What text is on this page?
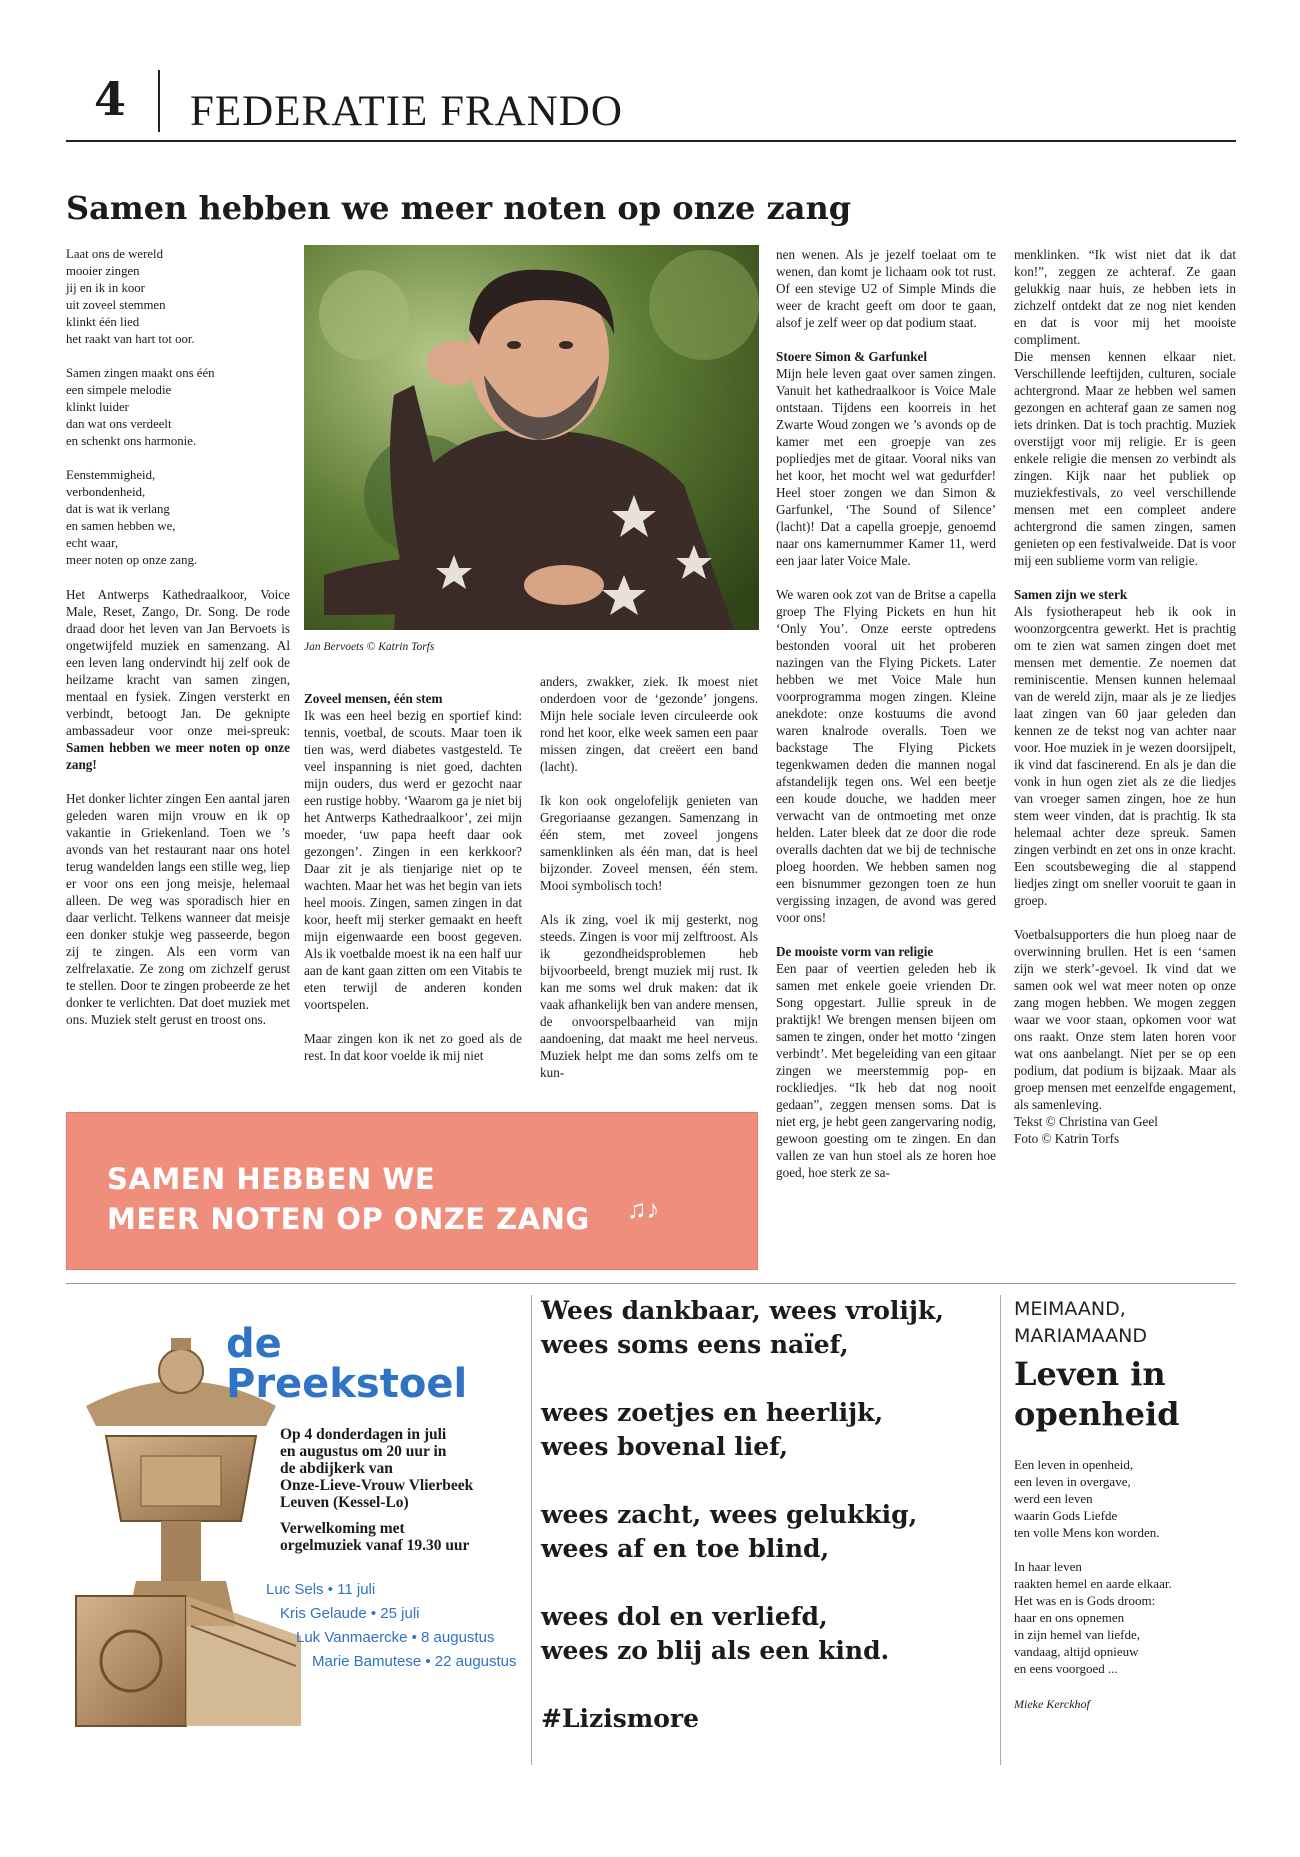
4 FEDERATIE FRANDO
Samen hebben we meer noten op onze zang

Laat ons de wereld
mooier zingen
jij en ik in koor
uit zoveel stemmen
klinkt één lied
het raakt van hart tot oor.

Samen zingen maakt ons één
een simpele melodie
klinkt luider
dan wat ons verdeelt
en schenkt ons harmonie.

Eenstemmigheid,
verbondenheid,
dat is wat ik verlang
en samen hebben we,
echt waar,
meer noten op onze zang.

Het Antwerps Kathedraalkoor, Voice Male, Reset, Zango, Dr. Song. De rode draad door het leven van Jan Bervoets is ongetwijfeld muziek en samenzang. Al een leven lang ondervindt hij zelf ook de heilzame kracht van samen zingen, mentaal en fysiek. Zingen versterkt en verbindt, betoogt Jan. De geknipte ambassadeur voor onze mei-spreuk: Samen hebben we meer noten op onze zang!

Het donker lichter zingen Een aantal jaren geleden waren mijn vrouw en ik op vakantie in Griekenland. Toen we ’s avonds van het restaurant naar ons hotel terug wandelden langs een stille weg, liep er voor ons een jong meisje, helemaal alleen. De weg was sporadisch hier en daar verlicht. Telkens wanneer dat meisje een donker stukje weg passeerde, begon zij te zingen. Als een vorm van zelfrelaxatie. Ze zong om zichzelf gerust te stellen. Door te zingen probeerde ze het donker te verlichten. Dat doet muziek met ons. Muziek stelt gerust en troost ons.

Jan Bervoets © Katrin Torfs

Zoveel mensen, één stem
Ik was een heel bezig en sportief kind: tennis, voetbal, de scouts. Maar toen ik tien was, werd diabetes vastgesteld. Te veel inspanning is niet goed, dachten mijn ouders, dus werd er gezocht naar een rustige hobby. ‘Waarom ga je niet bij het Antwerps Kathedraalkoor’, zei mijn moeder, ‘uw papa heeft daar ook gezongen’. Zingen in een kerkkoor? Daar zit je als tienjarige niet op te wachten. Maar het was het begin van iets heel moois. Zingen, samen zingen in dat koor, heeft mij sterker gemaakt en heeft mijn eigenwaarde een boost gegeven. Als ik voetbalde moest ik na een half uur aan de kant gaan zitten om een Vitabis te eten terwijl de anderen konden voortspelen.

Maar zingen kon ik net zo goed als de rest. In dat koor voelde ik mij niet

anders, zwakker, ziek. Ik moest niet onderdoen voor de ‘gezonde’ jongens. Mijn hele sociale leven circuleerde ook rond het koor, elke week samen een paar missen zingen, dat creëert een band (lacht).

Ik kon ook ongelofelijk genieten van Gregoriaanse gezangen. Samenzang in één stem, met zoveel jongens samenklinken als één man, dat is heel bijzonder. Zoveel mensen, één stem. Mooi symbolisch toch!

Als ik zing, voel ik mij gesterkt, nog steeds. Zingen is voor mij zelftroost. Als ik gezondheidsproblemen heb bijvoorbeeld, brengt muziek mij rust. Ik kan me soms wel druk maken: dat ik vaak afhankelijk ben van andere mensen, de onvoorspelbaarheid van mijn aandoening, dat maakt me heel nerveus. Muziek helpt me dan soms zelfs om te kun-

nen wenen. Als je jezelf toelaat om te wenen, dan komt je lichaam ook tot rust. Of een stevige U2 of Simple Minds die weer de kracht geeft om door te gaan, alsof je zelf weer op dat podium staat.

Stoere Simon & Garfunkel
Mijn hele leven gaat over samen zingen. Vanuit het kathedraalkoor is Voice Male ontstaan. Tijdens een koorreis in het Zwarte Woud zongen we ’s avonds op de kamer met een groepje van zes popliedjes met de gitaar. Vooral niks van het koor, het mocht wel wat gedurfder! Heel stoer zongen we dan Simon & Garfunkel, ‘The Sound of Silence’ (lacht)! Dat a capella groepje, genoemd naar ons kamernummer Kamer 11, werd een jaar later Voice Male.

We waren ook zot van de Britse a capella groep The Flying Pickets en hun hit ‘Only You’. Onze eerste optredens bestonden vooral uit het proberen nazingen van the Flying Pickets. Later hebben we met Voice Male hun voorprogramma mogen zingen. Kleine anekdote: onze kostuums die avond waren knalrode overalls. Toen we backstage The Flying Pickets tegenkwamen deden die mannen nogal afstandelijk tegen ons. Wel een beetje een koude douche, we hadden meer verwacht van de ontmoeting met onze helden. Later bleek dat ze door die rode overalls dachten dat we bij de technische ploeg hoorden. We hebben samen nog een bisnummer gezongen toen ze hun vergissing inzagen, de avond was gered voor ons!

De mooiste vorm van religie
Een paar of veertien geleden heb ik samen met enkele goeie vrienden Dr. Song opgestart. Jullie spreuk in de praktijk! We brengen mensen bijeen om samen te zingen, onder het motto ‘zingen verbindt’. Met begeleiding van een gitaar zingen we meerstemmig pop- en rockliedjes. “Ik heb dat nog nooit gedaan”, zeggen mensen soms. Dat is niet erg, je hebt geen zangervaring nodig, gewoon goesting om te zingen. En dan vallen ze van hun stoel als ze horen hoe goed, hoe sterk ze sa-

menklinken. “Ik wist niet dat ik dat kon!”, zeggen ze achteraf. Ze gaan gelukkig naar huis, ze hebben iets in zichzelf ontdekt dat ze nog niet kenden en dat is voor mij het mooiste compliment.

Die mensen kennen elkaar niet. Verschillende leeftijden, culturen, sociale achtergrond. Maar ze hebben wel samen gezongen en achteraf gaan ze samen nog iets drinken. Dat is toch prachtig. Muziek overstijgt voor mij religie. Er is geen enkele religie die mensen zo verbindt als zingen. Kijk naar het publiek op muziekfestivals, zo veel verschillende mensen met een compleet andere achtergrond die samen zingen, samen genieten op een festivalweide. Dat is voor mij een sublieme vorm van religie.

Samen zijn we sterk
Als fysiotherapeut heb ik ook in woonzorgcentra gewerkt. Het is prachtig om te zien wat samen zingen doet met mensen met dementie. Ze noemen dat reminiscentie. Mensen kunnen helemaal van de wereld zijn, maar als je ze liedjes laat zingen van 60 jaar geleden dan kennen ze de tekst nog van achter naar voor. Hoe muziek in je wezen doorsijpelt, ik vind dat fascinerend. En als je dan die vonk in hun ogen ziet als ze die liedjes van vroeger samen zingen, hoe ze hun stem weer vinden, dat is prachtig. Ik sta helemaal achter deze spreuk. Samen zingen verbindt en zet ons in onze kracht. Een scoutsbeweging die al stappend liedjes zingt om sneller vooruit te gaan in groep.

Voetbalsupporters die hun ploeg naar de overwinning brullen. Het is een ‘samen zijn we sterk’-gevoel. Ik vind dat we samen ook wel wat meer noten op onze zang mogen hebben. We mogen zeggen waar we voor staan, opkomen voor wat ons raakt. Onze stem laten horen voor wat ons aanbelangt. Niet per se op een podium, dat podium is bijzaak. Maar als groep mensen met eenzelfde engagement, als samenleving.
Tekst © Christina van Geel
Foto © Katrin Torfs

SAMEN HEBBEN WE
MEER NOTEN OP ONZE ZANG ♫♪
de
Preekstoel
Op 4 donderdagen in juli
en augustus om 20 uur in
de abdijkerk van
Onze-Lieve-Vrouw Vlierbeek
Leuven (Kessel-Lo)
Verwelkoming met
orgelmuziek vanaf 19.30 uur
Luc Sels • 11 juli
Kris Gelaude • 25 juli
Luk Vanmaercke • 8 augustus
Marie Bamutese • 22 augustus
Wees dankbaar, wees vrolijk,
wees soms eens naïef,
wees zoetjes en heerlijk,
wees bovenal lief,
wees zacht, wees gelukkig,
wees af en toe blind,
wees dol en verliefd,
wees zo blij als een kind.
#Lizismore
MEIMAAND,
MARIAMAAND
Leven in
openheid
Een leven in openheid,
een leven in overgave,
werd een leven
waarin Gods Liefde
ten volle Mens kon worden.
In haar leven
raakten hemel en aarde elkaar.
Het was en is Gods droom:
haar en ons opnemen
in zijn hemel van liefde,
vandaag, altijd opnieuw
en eens voorgoed ...
Mieke Kerckhof
